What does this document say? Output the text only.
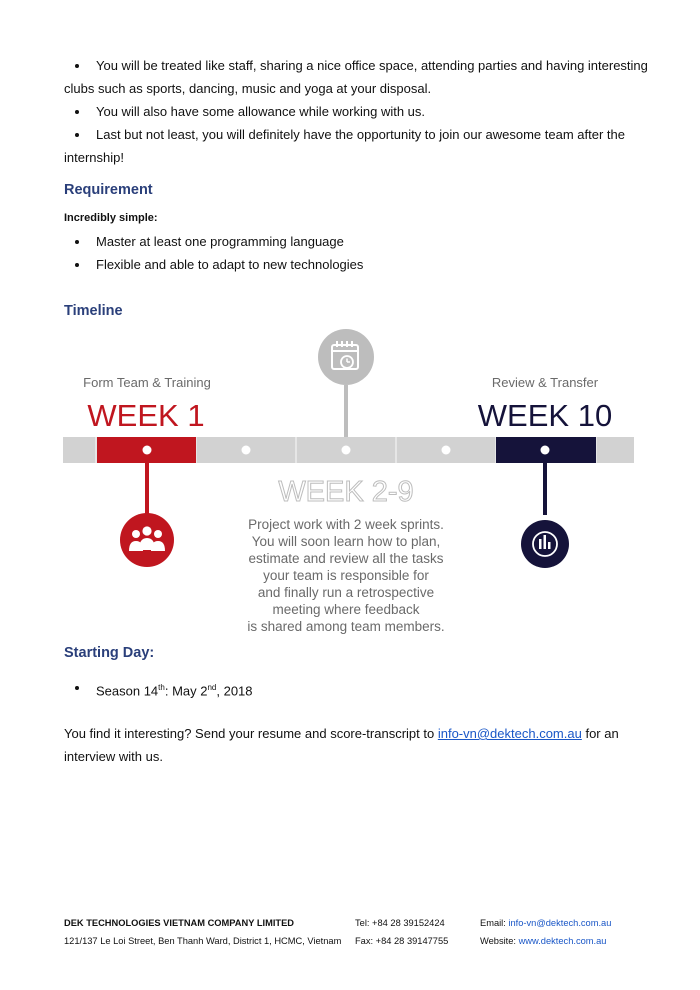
You will be treated like staff, sharing a nice office space, attending parties and having interesting clubs such as sports, dancing, music and yoga at your disposal.
You will also have some allowance while working with us.
Last but not least, you will definitely have the opportunity to join our awesome team after the internship!
Requirement
Incredibly simple:
Master at least one programming language
Flexible and able to adapt to new technologies
Timeline
Form Team & Training
WEEK 1
Review & Transfer
WEEK 10
WEEK 2-9
Project work with 2 week sprints.
You will soon learn how to plan,
estimate and review all the tasks
your team is responsible for
and finally run a retrospective
meeting where feedback
is shared among team members.
Starting Day:
Season 14th: May 2nd, 2018
You find it interesting? Send your resume and score-transcript to info-vn@dektech.com.au for an
interview with us.
DEK TECHNOLOGIES VIETNAM COMPANY LIMITED
121/137 Le Loi Street, Ben Thanh Ward, District 1, HCMC, Vietnam
Tel: +84 28 39152424
Fax: +84 28 39147755
Email: info-vn@dektech.com.au
Website: www.dektech.com.au
